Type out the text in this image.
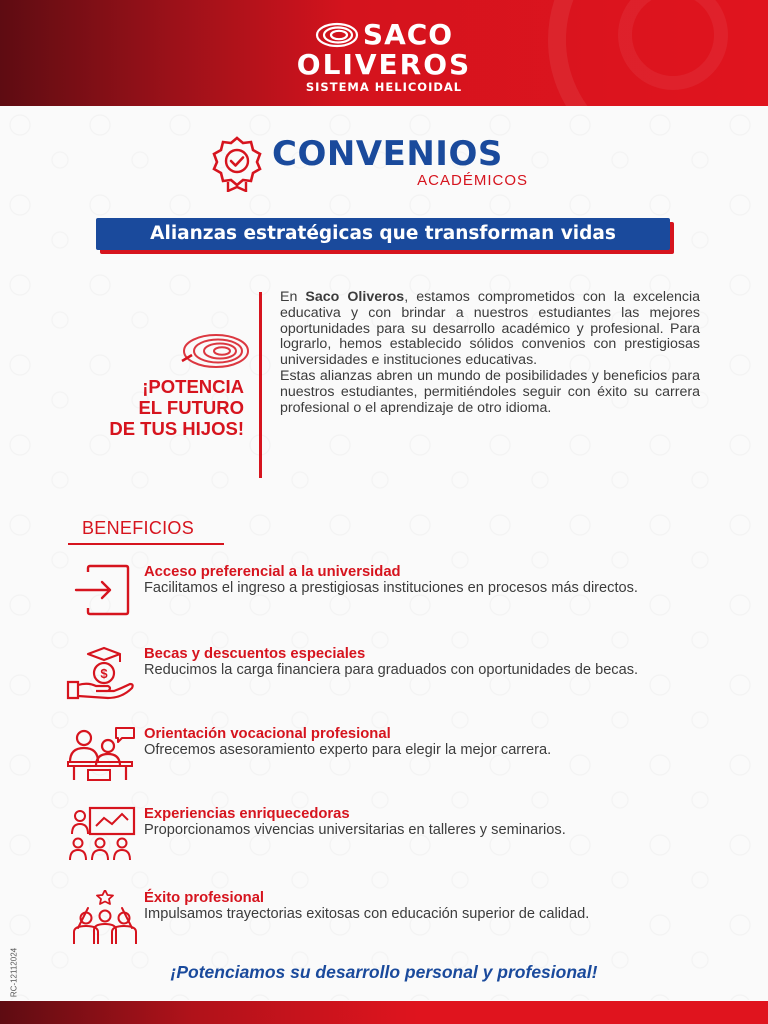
SACO
OLIVEROS
SISTEMA HELICOIDAL
CONVENIOS
ACADÉMICOS
Alianzas estratégicas que transforman vidas
¡POTENCIA
EL FUTURO
DE TUS HIJOS!

En Saco Oliveros, estamos comprometidos con la excelencia educativa y con brindar a nuestros estudiantes las mejores oportunidades para su desarrollo académico y profesional. Para lograrlo, hemos establecido sólidos convenios con prestigiosas universidades e instituciones educativas.

Estas alianzas abren un mundo de posibilidades y beneficios para nuestros estudiantes, permitiéndoles seguir con éxito su carrera profesional o el aprendizaje de otro idioma.

BENEFICIOS
Acceso preferencial a la universidad
Facilitamos el ingreso a prestigiosas instituciones en procesos más directos.
$
Becas y descuentos especiales
Reducimos la carga financiera para graduados con oportunidades de becas.
Orientación vocacional profesional
Ofrecemos asesoramiento experto para elegir la mejor carrera.
Experiencias enriquecedoras
Proporcionamos vivencias universitarias en talleres y seminarios.
Éxito profesional
Impulsamos trayectorias exitosas con educación superior de calidad.
¡Potenciamos su desarrollo personal y profesional!
RC-12112024
